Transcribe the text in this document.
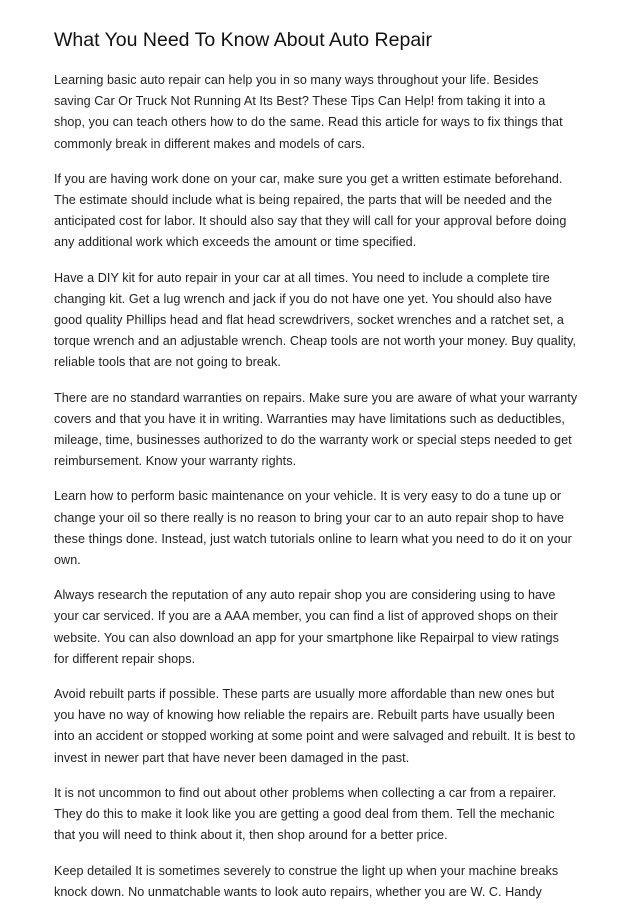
What You Need To Know About Auto Repair

Learning basic auto repair can help you in so many ways throughout your life. Besides
saving Car Or Truck Not Running At Its Best? These Tips Can Help! from taking it into a
shop, you can teach others how to do the same. Read this article for ways to fix things that
commonly break in different makes and models of cars.

If you are having work done on your car, make sure you get a written estimate beforehand.
The estimate should include what is being repaired, the parts that will be needed and the
anticipated cost for labor. It should also say that they will call for your approval before doing
any additional work which exceeds the amount or time specified.

Have a DIY kit for auto repair in your car at all times. You need to include a complete tire
changing kit. Get a lug wrench and jack if you do not have one yet. You should also have
good quality Phillips head and flat head screwdrivers, socket wrenches and a ratchet set, a
torque wrench and an adjustable wrench. Cheap tools are not worth your money. Buy quality,
reliable tools that are not going to break.

There are no standard warranties on repairs. Make sure you are aware of what your warranty
covers and that you have it in writing. Warranties may have limitations such as deductibles,
mileage, time, businesses authorized to do the warranty work or special steps needed to get
reimbursement. Know your warranty rights.

Learn how to perform basic maintenance on your vehicle. It is very easy to do a tune up or
change your oil so there really is no reason to bring your car to an auto repair shop to have
these things done. Instead, just watch tutorials online to learn what you need to do it on your
own.

Always research the reputation of any auto repair shop you are considering using to have
your car serviced. If you are a AAA member, you can find a list of approved shops on their
website. You can also download an app for your smartphone like Repairpal to view ratings
for different repair shops.

Avoid rebuilt parts if possible. These parts are usually more affordable than new ones but
you have no way of knowing how reliable the repairs are. Rebuilt parts have usually been
into an accident or stopped working at some point and were salvaged and rebuilt. It is best to
invest in newer part that have never been damaged in the past.

It is not uncommon to find out about other problems when collecting a car from a repairer.
They do this to make it look like you are getting a good deal from them. Tell the mechanic
that you will need to think about it, then shop around for a better price.

Keep detailed It is sometimes severely to construe the light up when your machine breaks
knock down. No unmatchable wants to look auto repairs, whether you are W. C. Handy
